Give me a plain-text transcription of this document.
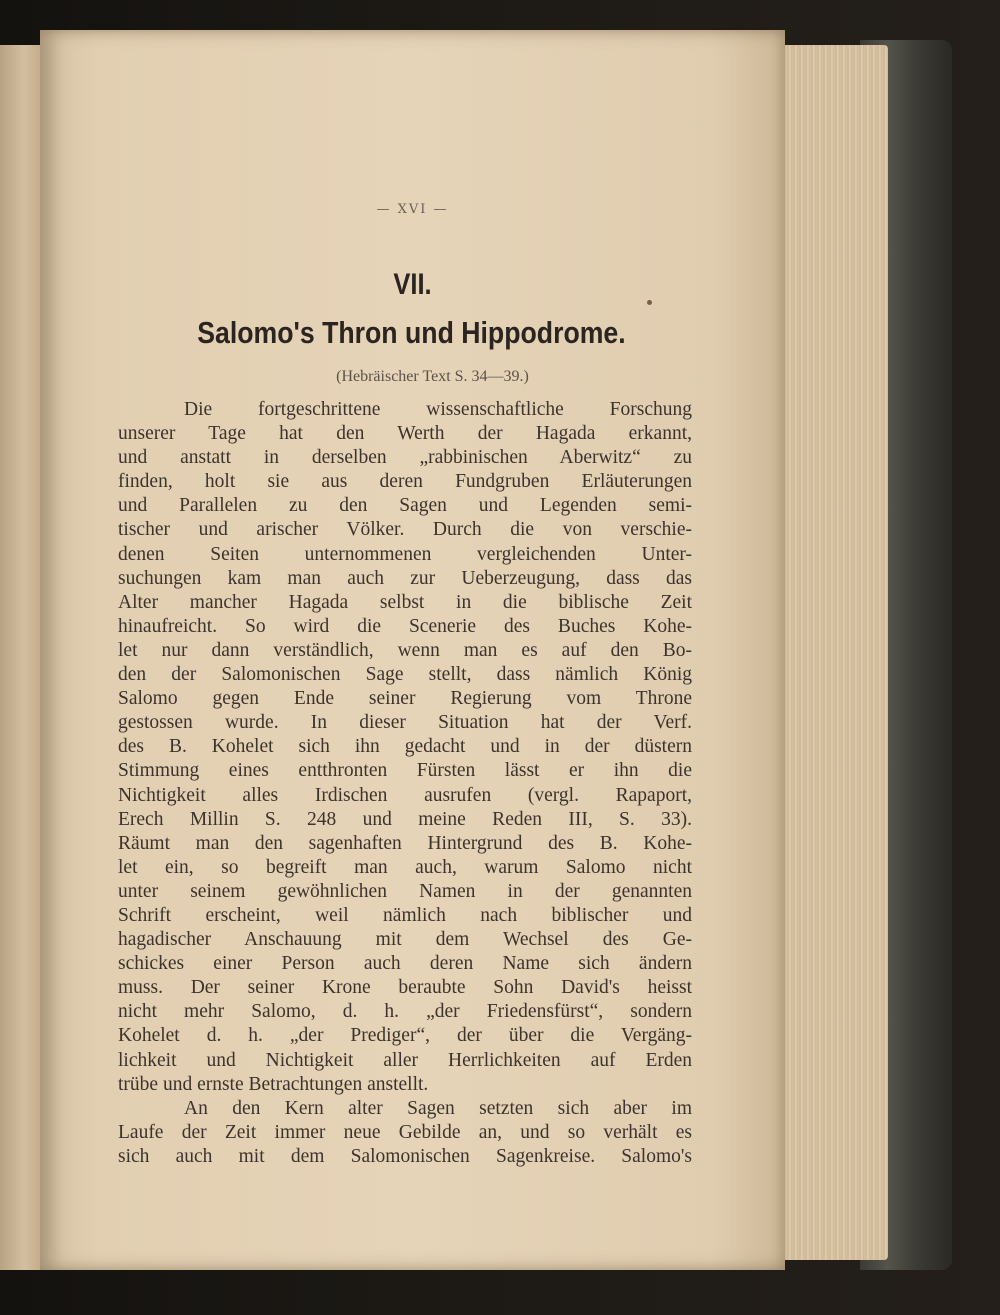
— XVI —
VII.
Salomo's Thron und Hippodrome.
(Hebräischer Text S. 34—39.)
Die fortgeschrittene wissenschaftliche Forschung
unserer Tage hat den Werth der Hagada erkannt,
und anstatt in derselben „rabbinischen Aberwitz“ zu
finden, holt sie aus deren Fundgruben Erläuterungen
und Parallelen zu den Sagen und Legenden semi-
tischer und arischer Völker. Durch die von verschie-
denen Seiten unternommenen vergleichenden Unter-
suchungen kam man auch zur Ueberzeugung, dass das
Alter mancher Hagada selbst in die biblische Zeit
hinaufreicht. So wird die Scenerie des Buches Kohe-
let nur dann verständlich, wenn man es auf den Bo-
den der Salomonischen Sage stellt, dass nämlich König
Salomo gegen Ende seiner Regierung vom Throne
gestossen wurde. In dieser Situation hat der Verf.
des B. Kohelet sich ihn gedacht und in der düstern
Stimmung eines entthronten Fürsten lässt er ihn die
Nichtigkeit alles Irdischen ausrufen (vergl. Rapaport,
Erech Millin S. 248 und meine Reden III, S. 33).
Räumt man den sagenhaften Hintergrund des B. Kohe-
let ein, so begreift man auch, warum Salomo nicht
unter seinem gewöhnlichen Namen in der genannten
Schrift erscheint, weil nämlich nach biblischer und
hagadischer Anschauung mit dem Wechsel des Ge-
schickes einer Person auch deren Name sich ändern
muss. Der seiner Krone beraubte Sohn David's heisst
nicht mehr Salomo, d. h. „der Friedensfürst“, sondern
Kohelet d. h. „der Prediger“, der über die Vergäng-
lichkeit und Nichtigkeit aller Herrlichkeiten auf Erden
trübe und ernste Betrachtungen anstellt.
An den Kern alter Sagen setzten sich aber im
Laufe der Zeit immer neue Gebilde an, und so verhält es
sich auch mit dem Salomonischen Sagenkreise. Salomo's
